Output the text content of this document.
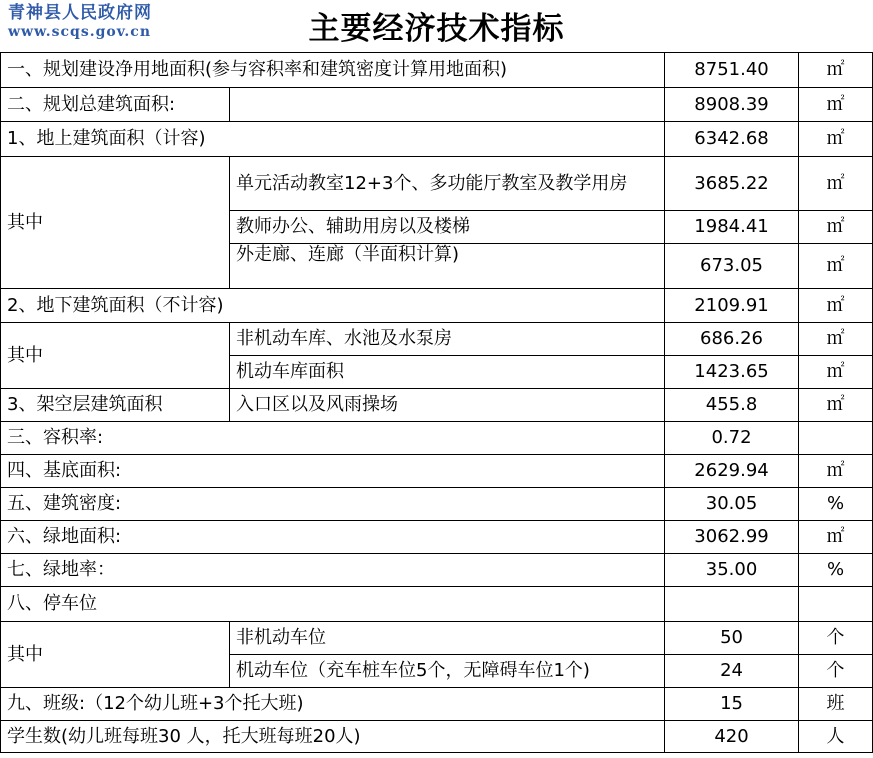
青神县人民政府网
www.scqs.gov.cn	主要经济技术指标
一、规划建设净用地面积(参与容积率和建筑密度计算用地面积)		8751.40	㎡
二、规划总建筑面积:		8908.39	㎡
1、地上建筑面积（计容)		6342.68	㎡
其中	单元活动教室12+3个、多功能厅教室及教学用房	3685.22	㎡
	教师办公、辅助用房以及楼梯	1984.41	㎡
	外走廊、连廊（半面积计算)	673.05	㎡
2、地下建筑面积（不计容)		2109.91	㎡
其中	非机动车库、水池及水泵房	686.26	㎡
	机动车库面积	1423.65	㎡
3、架空层建筑面积	入口区以及风雨操场	455.8	㎡
三、容积率:		0.72	
四、基底面积:		2629.94	㎡
五、建筑密度:		30.05	%
六、绿地面积:		3062.99	㎡
七、绿地率：		35.00	%
八、停车位			
其中	非机动车位	50	个
	机动车位（充车桩车位5个，无障碍车位1个)	24	个
九、班级:（12个幼儿班+3个托大班)		15	班
学生数(幼儿班每班30 人，托大班每班20人)		420	人
